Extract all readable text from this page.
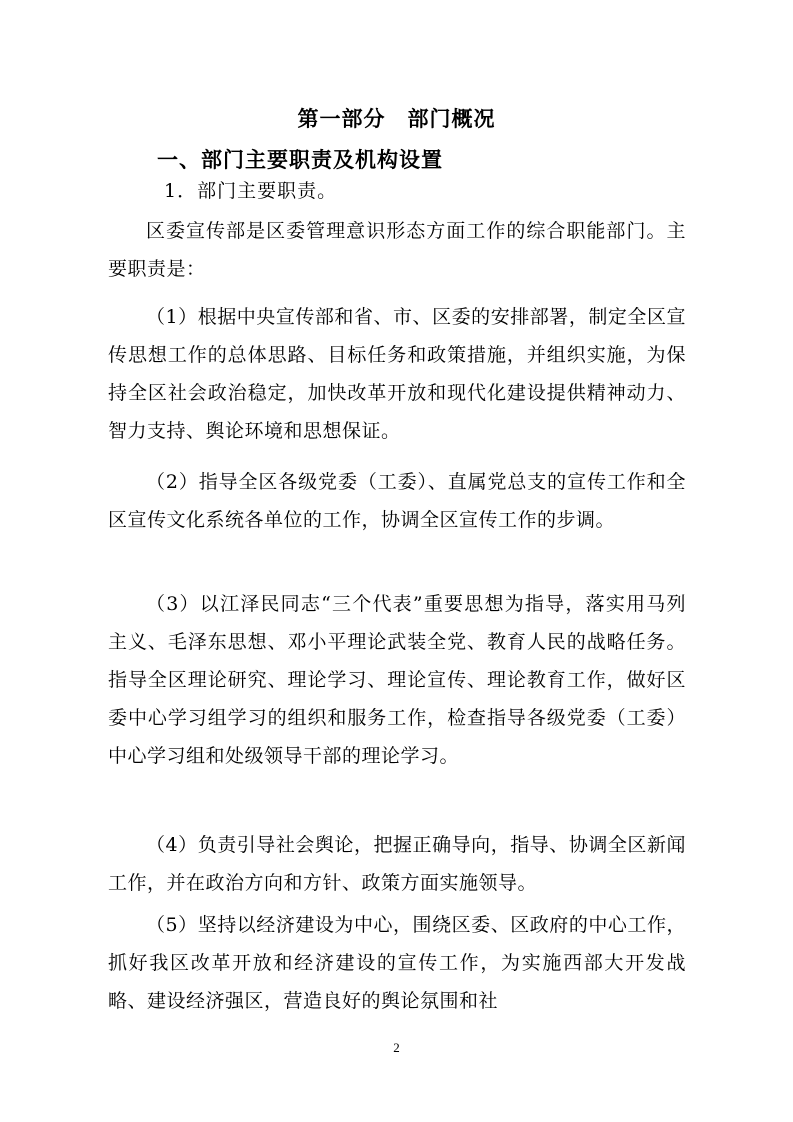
第一部分　部门概况
一、部门主要职责及机构设置
1．部门主要职责。

区委宣传部是区委管理意识形态方面工作的综合职能部门。主要职责是：

（1）根据中央宣传部和省、市、区委的安排部署，制定全区宣传思想工作的总体思路、目标任务和政策措施，并组织实施，为保持全区社会政治稳定，加快改革开放和现代化建设提供精神动力、智力支持、舆论环境和思想保证。

（2）指导全区各级党委（工委）、直属党总支的宣传工作和全区宣传文化系统各单位的工作，协调全区宣传工作的步调。

（3）以江泽民同志“三个代表”重要思想为指导，落实用马列主义、毛泽东思想、邓小平理论武装全党、教育人民的战略任务。指导全区理论研究、理论学习、理论宣传、理论教育工作，做好区委中心学习组学习的组织和服务工作，检查指导各级党委（工委）中心学习组和处级领导干部的理论学习。

（4）负责引导社会舆论，把握正确导向，指导、协调全区新闻工作，并在政治方向和方针、政策方面实施领导。

（5）坚持以经济建设为中心，围绕区委、区政府的中心工作，抓好我区改革开放和经济建设的宣传工作，为实施西部大开发战略、建设经济强区，营造良好的舆论氛围和社

2
